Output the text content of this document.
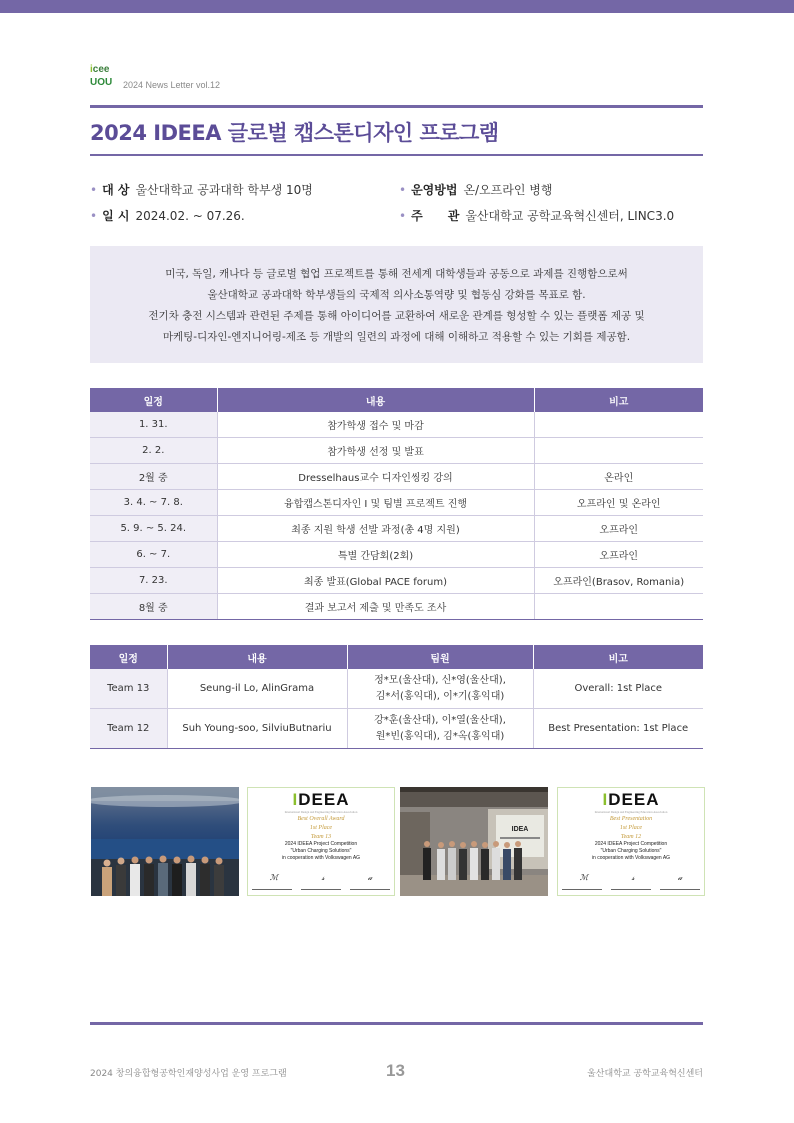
icee
UOU 2024 News Letter vol.12
2024 IDEEA 글로벌 캡스톤디자인 프로그램
• 대 상 울산대학교 공과대학 학부생 10명	• 운영방법 온/오프라인 병행
• 일 시 2024.02. ~ 07.26.	• 주      관 울산대학교 공학교육혁신센터, LINC3.0

미국, 독일, 캐나다 등 글로벌 협업 프로젝트를 통해 전세계 대학생들과 공동으로 과제를 진행함으로써

울산대학교 공과대학 학부생들의 국제적 의사소통역량 및 협동심 강화를 목표로 함.

전기차 충전 시스템과 관련된 주제를 통해 아이디어를 교환하여 새로운 관계를 형성할 수 있는 플랫폼 제공 및

마케팅-디자인-엔지니어링-제조 등 개발의 일련의 과정에 대해 이해하고 적용할 수 있는 기회를 제공함.

일정	내용	비고
1. 31.	참가학생 접수 및 마감	
2. 2.	참가학생 선정 및 발표	
2월 중	Dresselhaus교수 디자인씽킹 강의	온라인
3. 4. ~ 7. 8.	융합캡스톤디자인 I 및 팀별 프로젝트 진행	오프라인 및 온라인
5. 9. ~ 5. 24.	최종 지원 학생 선발 과정(총 4명 지원)	오프라인
6. ~ 7.	특별 간담회(2회)	오프라인
7. 23.	최종 발표(Global PACE forum)	오프라인(Brasov, Romania)
8월 중	결과 보고서 제출 및 만족도 조사	
일정	내용	팀원	비고
Team 13	Seung-il Lo, AlinGrama	정*모(울산대), 신*영(울산대),
김*서(홍익대), 이*기(홍익대)	Overall: 1st Place
Team 12	Suh Young-soo, SilviuButnariu	강*훈(울산대), 이*열(울산대),
원*빈(홍익대), 김*옥(홍익대)	Best Presentation: 1st Place
IDEEA
International Design and Engineering Education Association
Best Overall Award
1st Place
Team 13
2024 IDEEA Project Competition
"Urban Charging Solutions"
in cooperation with Volkswagen AG
ℳ	𝓈	𝒶
IDEA
IDEEA
International Design and Engineering Education Association
Best Presentation
1st Place
Team 12
2024 IDEEA Project Competition
"Urban Charging Solutions"
in cooperation with Volkswagen AG
ℳ	𝓈	𝒶
2024 창의융합형공학인재양성사업 운영 프로그램	13	울산대학교 공학교육혁신센터
